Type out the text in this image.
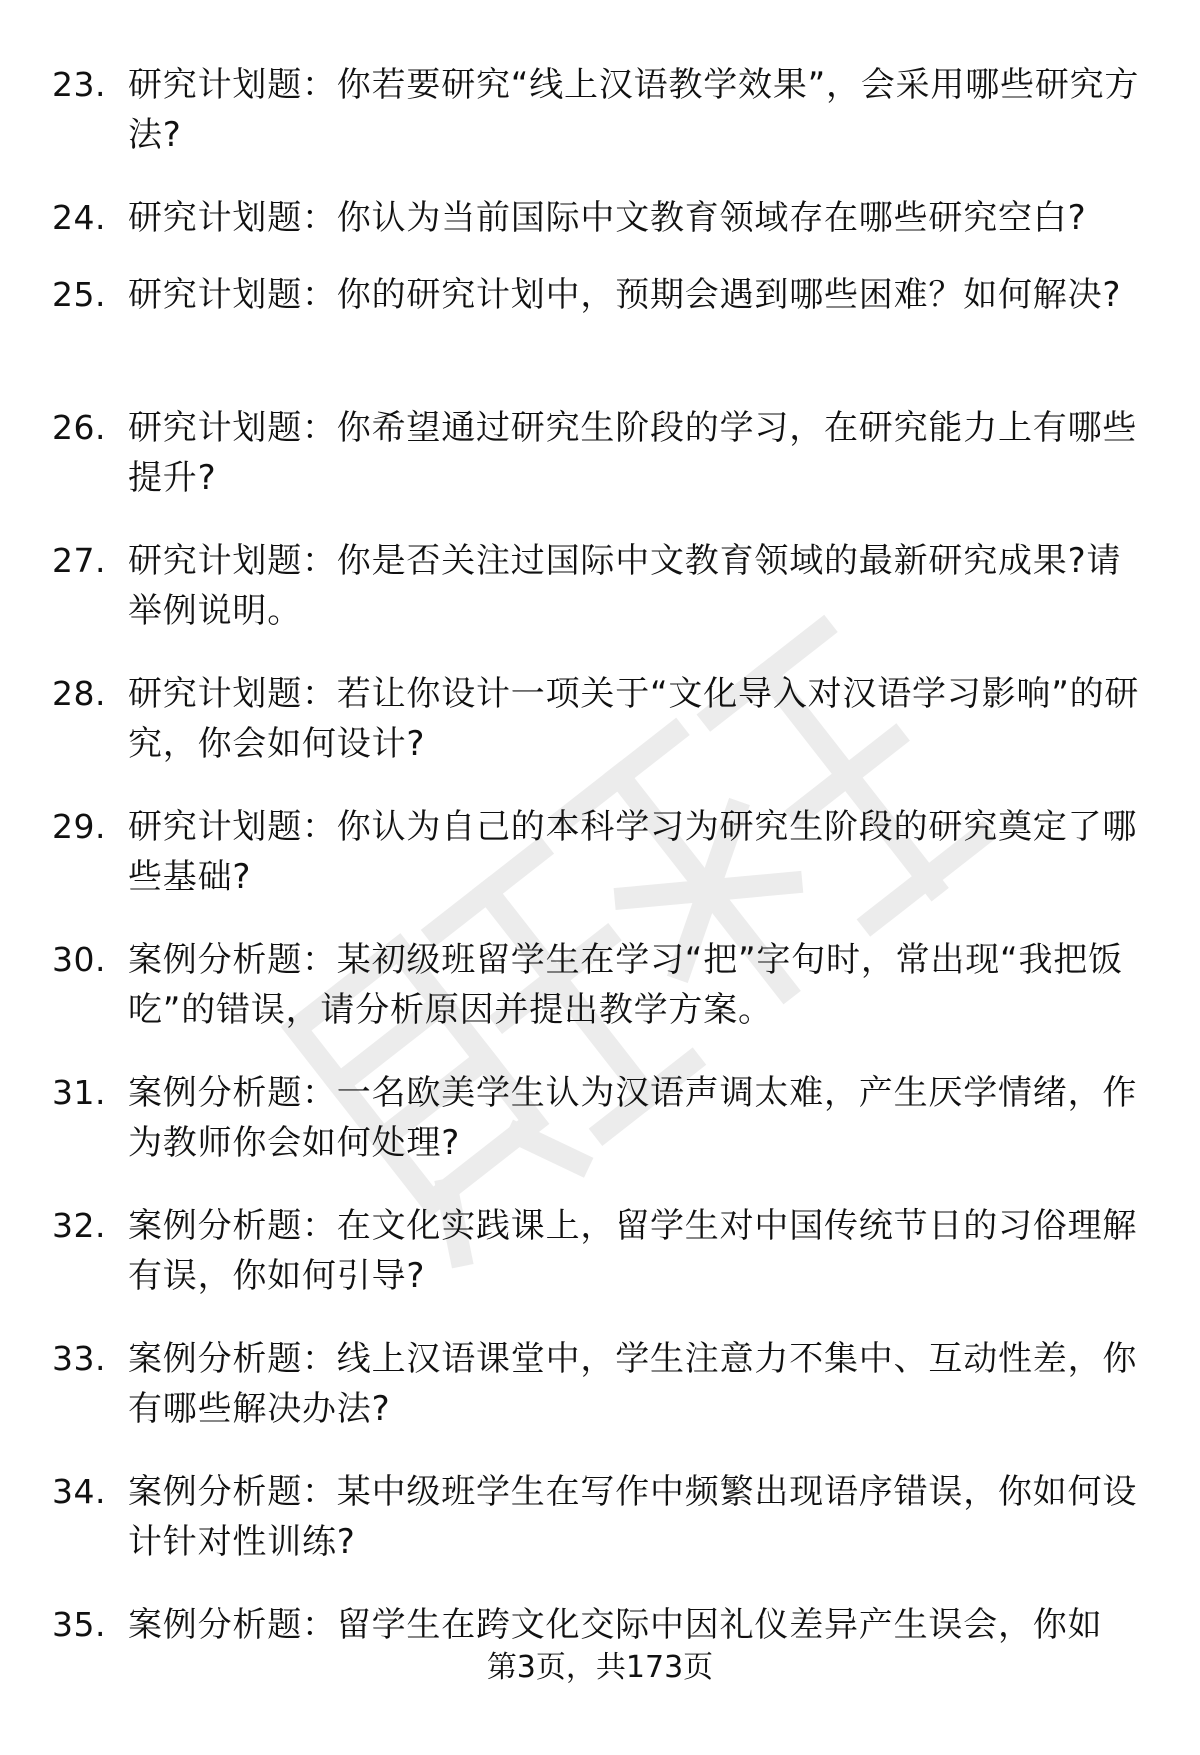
23. 研究计划题：你若要研究“线上汉语教学效果”，会采用哪些研究方法?
24. 研究计划题：你认为当前国际中文教育领域存在哪些研究空白?
25. 研究计划题：你的研究计划中，预期会遇到哪些困难？如何解决?
26. 研究计划题：你希望通过研究生阶段的学习，在研究能力上有哪些提升?
27. 研究计划题：你是否关注过国际中文教育领域的最新研究成果?请举例说明。
28. 研究计划题：若让你设计一项关于“文化导入对汉语学习影响”的研究，你会如何设计?
29. 研究计划题：你认为自己的本科学习为研究生阶段的研究奠定了哪些基础?
30. 案例分析题：某初级班留学生在学习“把”字句时，常出现“我把饭吃”的错误，请分析原因并提出教学方案。
31. 案例分析题：一名欧美学生认为汉语声调太难，产生厌学情绪，作为教师你会如何处理?
32. 案例分析题：在文化实践课上，留学生对中国传统节日的习俗理解有误，你如何引导?
33. 案例分析题：线上汉语课堂中，学生注意力不集中、互动性差，你有哪些解决办法?
34. 案例分析题：某中级班学生在写作中频繁出现语序错误，你如何设计针对性训练?
35. 案例分析题：留学生在跨文化交际中因礼仪差异产生误会，你如
第3页，共173页
